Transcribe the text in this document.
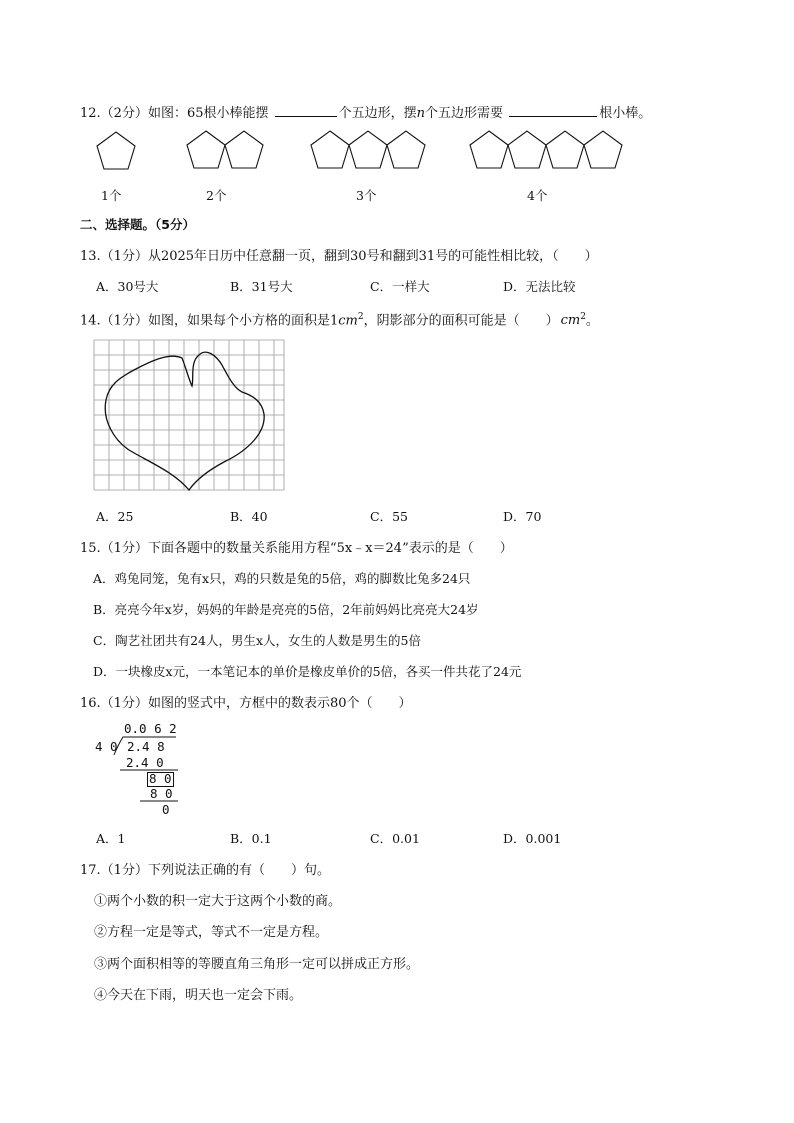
12.（2分）如图：65根小棒能摆	个五边形，摆n个五边形需要	根小棒。
1个	2个	3个	4个
二、选择题。（5分）
13.（1分）从2025年日历中任意翻一页，翻到30号和翻到31号的可能性相比较，（　　）
A．30号大	B．31号大	C．一样大	D．无法比较
14.（1分）如图，如果每个小方格的面积是$1cm^2$，阴影部分的面积可能是（　　） $cm^2$。
A．25	B．40	C．55	D．70
15.（1分）下面各题中的数量关系能用方程“5x﹣x＝24”表示的是（　　）
A．鸡兔同笼，兔有x只，鸡的只数是兔的5倍，鸡的脚数比兔多24只
B．亮亮今年x岁，妈妈的年龄是亮亮的5倍，2年前妈妈比亮亮大24岁
C．陶艺社团共有24人，男生x人，女生的人数是男生的5倍
D．一块橡皮x元，一本笔记本的单价是橡皮单价的5倍，各买一件共花了24元
16.（1分）如图的竖式中，方框中的数表示80个（　　）
0.0 6 2
4 0 2.4 8
2.4 0
8 0
8 0
0
A．1	B．0.1	C．0.01	D．0.001
17.（1分）下列说法正确的有（　　）句。
①两个小数的积一定大于这两个小数的商。
②方程一定是等式，等式不一定是方程。
③两个面积相等的等腰直角三角形一定可以拼成正方形。
④今天在下雨，明天也一定会下雨。
